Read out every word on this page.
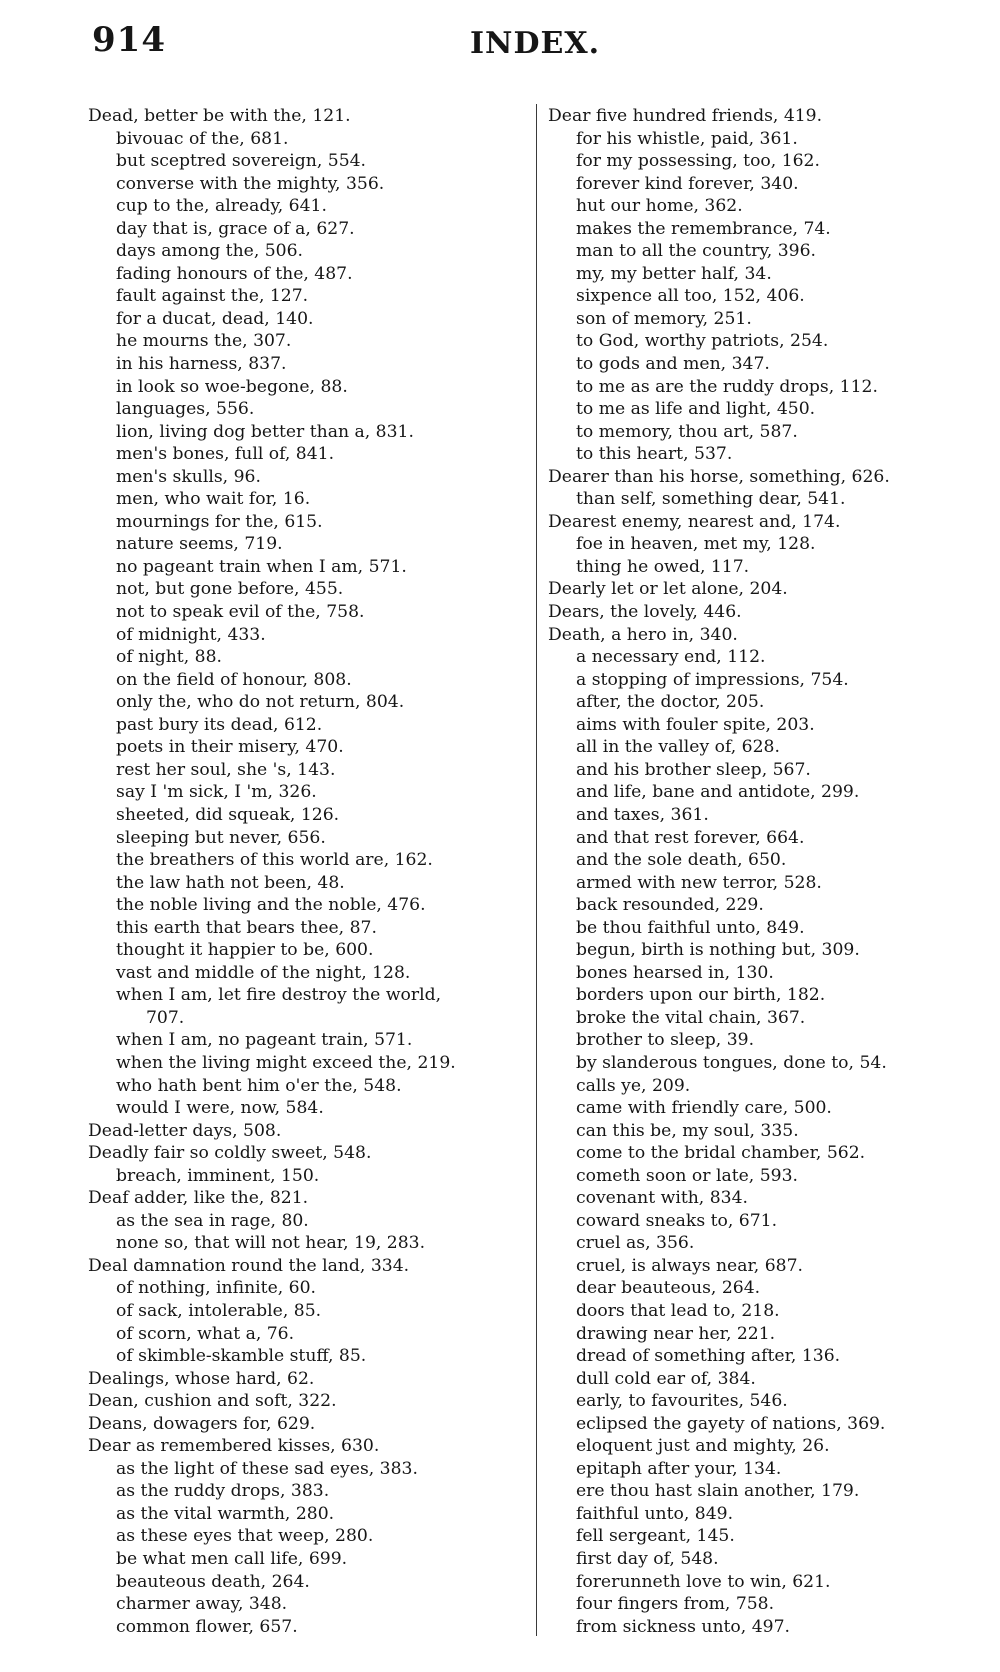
914	INDEX.
Dead, better be with the, 121.
bivouac of the, 681.
but sceptred sovereign, 554.
converse with the mighty, 356.
cup to the, already, 641.
day that is, grace of a, 627.
days among the, 506.
fading honours of the, 487.
fault against the, 127.
for a ducat, dead, 140.
he mourns the, 307.
in his harness, 837.
in look so woe-begone, 88.
languages, 556.
lion, living dog better than a, 831.
men's bones, full of, 841.
men's skulls, 96.
men, who wait for, 16.
mournings for the, 615.
nature seems, 719.
no pageant train when I am, 571.
not, but gone before, 455.
not to speak evil of the, 758.
of midnight, 433.
of night, 88.
on the field of honour, 808.
only the, who do not return, 804.
past bury its dead, 612.
poets in their misery, 470.
rest her soul, she 's, 143.
say I 'm sick, I 'm, 326.
sheeted, did squeak, 126.
sleeping but never, 656.
the breathers of this world are, 162.
the law hath not been, 48.
the noble living and the noble, 476.
this earth that bears thee, 87.
thought it happier to be, 600.
vast and middle of the night, 128.
when I am, let fire destroy the world,
707.
when I am, no pageant train, 571.
when the living might exceed the, 219.
who hath bent him o'er the, 548.
would I were, now, 584.
Dead-letter days, 508.
Deadly fair so coldly sweet, 548.
breach, imminent, 150.
Deaf adder, like the, 821.
as the sea in rage, 80.
none so, that will not hear, 19, 283.
Deal damnation round the land, 334.
of nothing, infinite, 60.
of sack, intolerable, 85.
of scorn, what a, 76.
of skimble-skamble stuff, 85.
Dealings, whose hard, 62.
Dean, cushion and soft, 322.
Deans, dowagers for, 629.
Dear as remembered kisses, 630.
as the light of these sad eyes, 383.
as the ruddy drops, 383.
as the vital warmth, 280.
as these eyes that weep, 280.
be what men call life, 699.
beauteous death, 264.
charmer away, 348.
common flower, 657.
Dear five hundred friends, 419.
for his whistle, paid, 361.
for my possessing, too, 162.
forever kind forever, 340.
hut our home, 362.
makes the remembrance, 74.
man to all the country, 396.
my, my better half, 34.
sixpence all too, 152, 406.
son of memory, 251.
to God, worthy patriots, 254.
to gods and men, 347.
to me as are the ruddy drops, 112.
to me as life and light, 450.
to memory, thou art, 587.
to this heart, 537.
Dearer than his horse, something, 626.
than self, something dear, 541.
Dearest enemy, nearest and, 174.
foe in heaven, met my, 128.
thing he owed, 117.
Dearly let or let alone, 204.
Dears, the lovely, 446.
Death, a hero in, 340.
a necessary end, 112.
a stopping of impressions, 754.
after, the doctor, 205.
aims with fouler spite, 203.
all in the valley of, 628.
and his brother sleep, 567.
and life, bane and antidote, 299.
and taxes, 361.
and that rest forever, 664.
and the sole death, 650.
armed with new terror, 528.
back resounded, 229.
be thou faithful unto, 849.
begun, birth is nothing but, 309.
bones hearsed in, 130.
borders upon our birth, 182.
broke the vital chain, 367.
brother to sleep, 39.
by slanderous tongues, done to, 54.
calls ye, 209.
came with friendly care, 500.
can this be, my soul, 335.
come to the bridal chamber, 562.
cometh soon or late, 593.
covenant with, 834.
coward sneaks to, 671.
cruel as, 356.
cruel, is always near, 687.
dear beauteous, 264.
doors that lead to, 218.
drawing near her, 221.
dread of something after, 136.
dull cold ear of, 384.
early, to favourites, 546.
eclipsed the gayety of nations, 369.
eloquent just and mighty, 26.
epitaph after your, 134.
ere thou hast slain another, 179.
faithful unto, 849.
fell sergeant, 145.
first day of, 548.
forerunneth love to win, 621.
four fingers from, 758.
from sickness unto, 497.
